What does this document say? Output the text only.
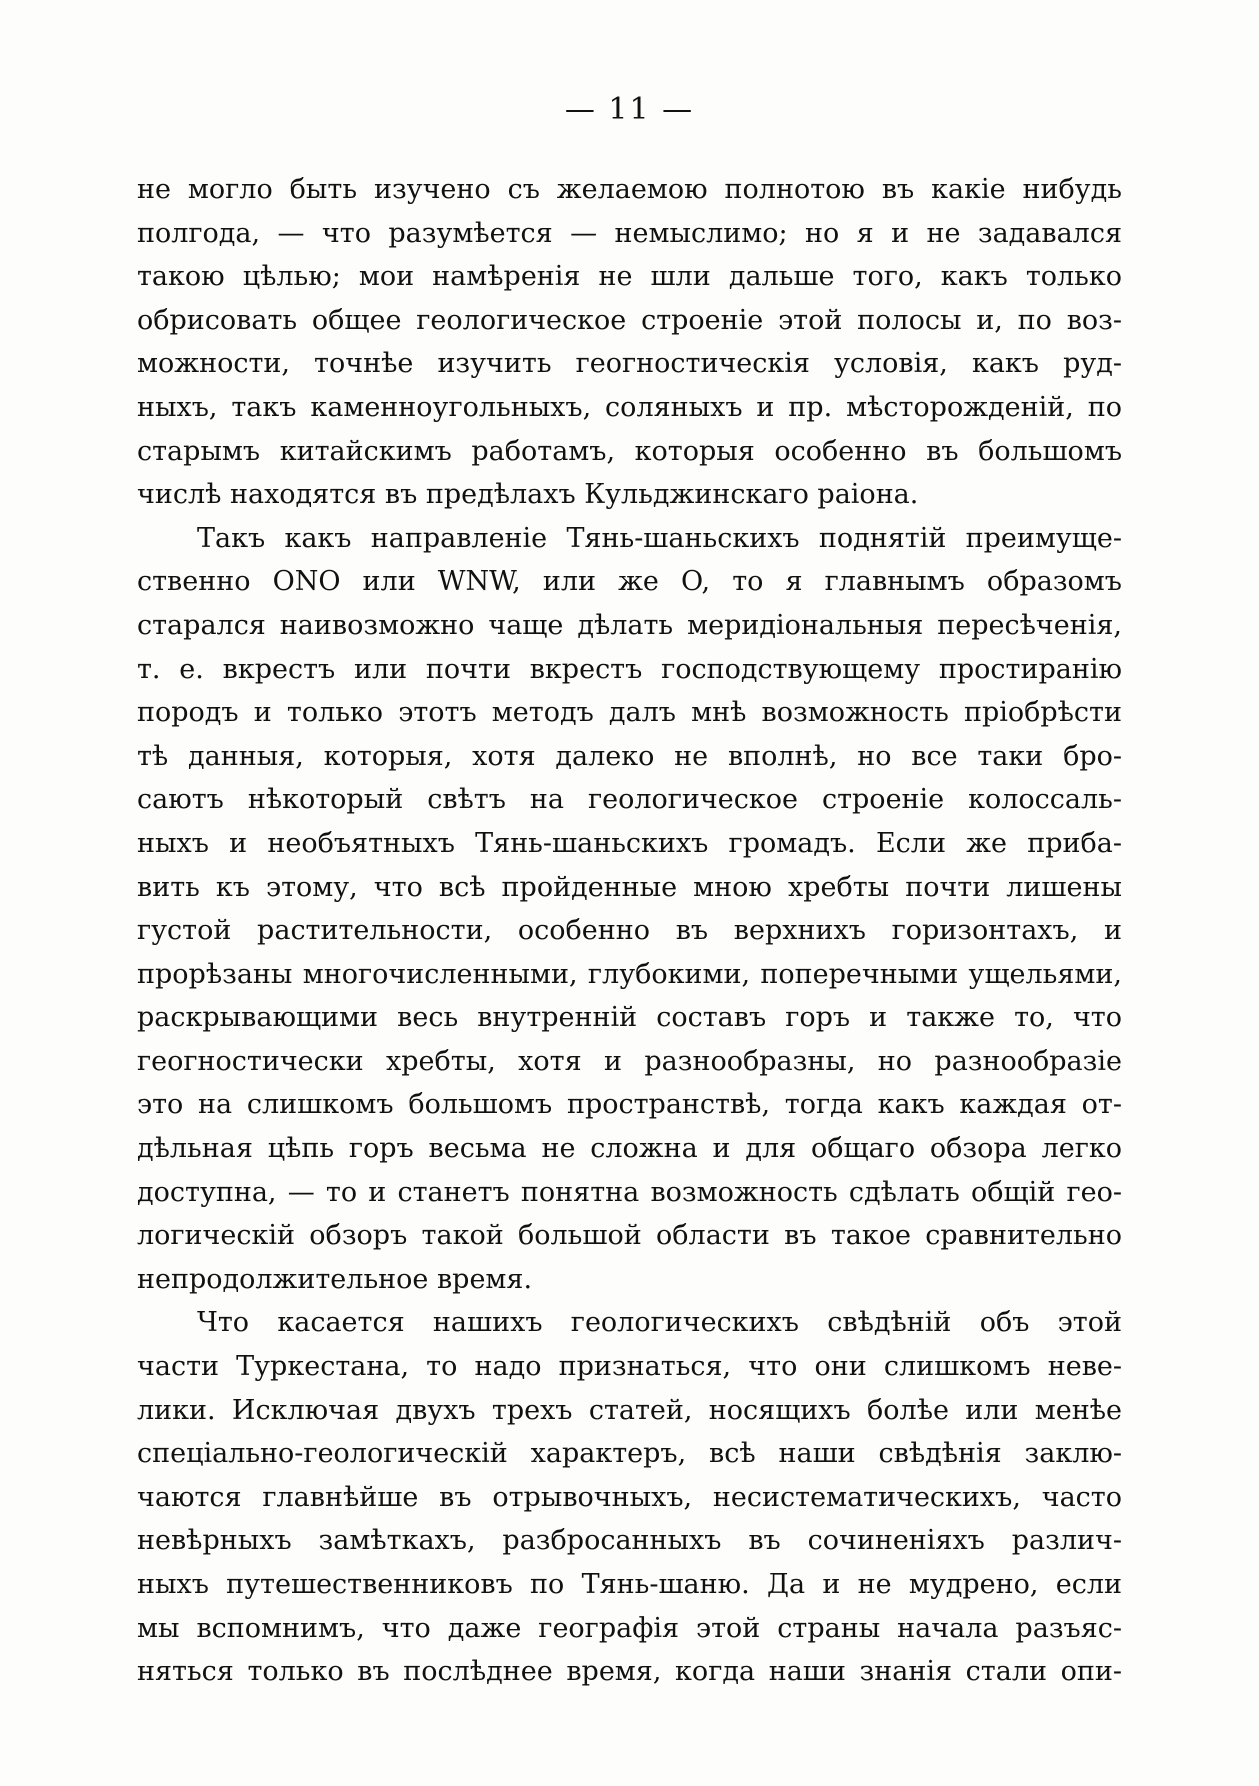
— 11 —
не могло быть изучено съ желаемою полнотою въ какіе нибудь
полгода, — что разумѣется — немыслимо; но я и не задавался
такою цѣлью; мои намѣренія не шли дальше того, какъ только
обрисовать общее геологическое строеніе этой полосы и, по воз-
можности, точнѣе изучить геогностическія условія, какъ руд-
ныхъ, такъ каменноугольныхъ, соляныхъ и пр. мѣсторожденій, по
старымъ китайскимъ работамъ, которыя особенно въ большомъ
числѣ находятся въ предѣлахъ Кульджинскаго раіона.
Такъ какъ направленіе Тянь-шаньскихъ поднятій преимуще-
ственно ONO или WNW, или же O, то я главнымъ образомъ
старался наивозможно чаще дѣлать меридіональныя пересѣченія,
т. е. вкрестъ или почти вкрестъ господствующему простиранію
породъ и только этотъ методъ далъ мнѣ возможность пріобрѣсти
тѣ данныя, которыя, хотя далеко не вполнѣ, но все таки бро-
саютъ нѣкоторый свѣтъ на геологическое строеніе колоссаль-
ныхъ и необъятныхъ Тянь-шаньскихъ громадъ. Если же приба-
вить къ этому, что всѣ пройденные мною хребты почти лишены
густой растительности, особенно въ верхнихъ горизонтахъ, и
прорѣзаны многочисленными, глубокими, поперечными ущельями,
раскрывающими весь внутренній составъ горъ и также то, что
геогностически хребты, хотя и разнообразны, но разнообразіе
это на слишкомъ большомъ пространствѣ, тогда какъ каждая от-
дѣльная цѣпь горъ весьма не сложна и для общаго обзора легко
доступна, — то и станетъ понятна возможность сдѣлать общій гео-
логическій обзоръ такой большой области въ такое сравнительно
непродолжительное время.
Что касается нашихъ геологическихъ свѣдѣній объ этой
части Туркестана, то надо признаться, что они слишкомъ невe-
лики. Исключая двухъ трехъ статей, носящихъ болѣе или менѣе
спеціально-геологическій характеръ, всѣ наши свѣдѣнія заклю-
чаются главнѣйше въ отрывочныхъ, несистематическихъ, часто
невѣрныхъ замѣткахъ, разбросанныхъ въ сочиненіяхъ различ-
ныхъ путешественниковъ по Тянь-шаню. Да и не мудрено, если
мы вспомнимъ, что даже географія этой страны начала разъяс-
няться только въ послѣднее время, когда наши знанія стали опи-
